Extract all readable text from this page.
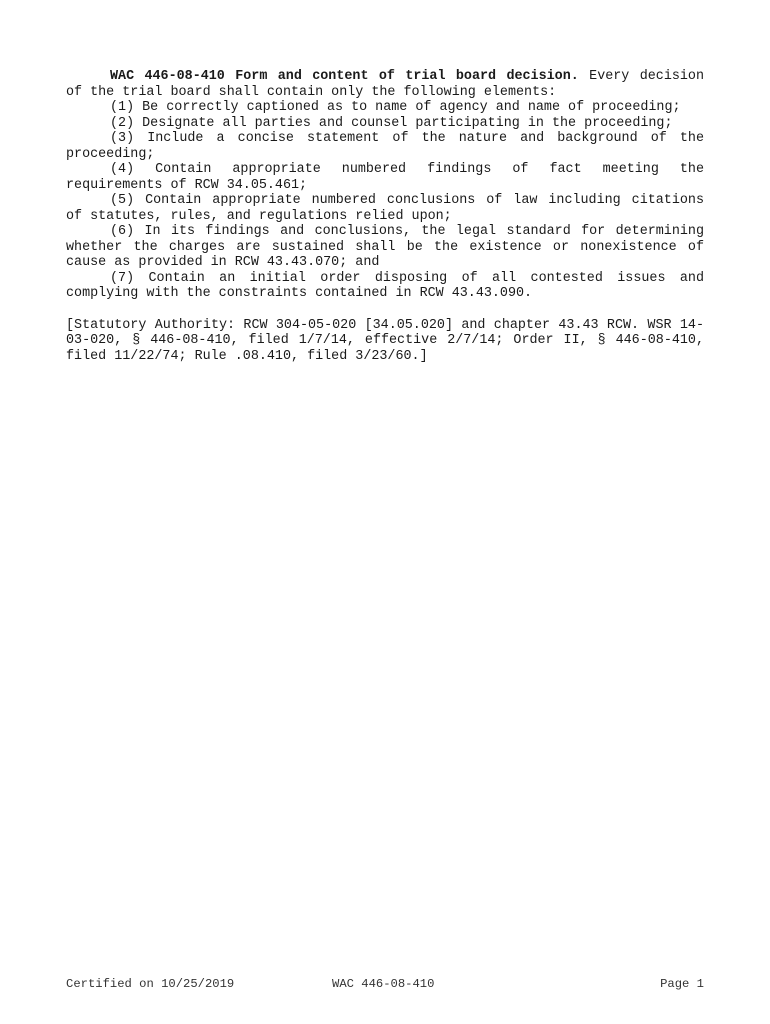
WAC 446-08-410 Form and content of trial board decision. Every decision of the trial board shall contain only the following elements:

(1) Be correctly captioned as to name of agency and name of proceeding;

(2) Designate all parties and counsel participating in the proceeding;

(3) Include a concise statement of the nature and background of the proceeding;

(4) Contain appropriate numbered findings of fact meeting the requirements of RCW 34.05.461;

(5) Contain appropriate numbered conclusions of law including citations of statutes, rules, and regulations relied upon;

(6) In its findings and conclusions, the legal standard for determining whether the charges are sustained shall be the existence or nonexistence of cause as provided in RCW 43.43.070; and

(7) Contain an initial order disposing of all contested issues and complying with the constraints contained in RCW 43.43.090.

[Statutory Authority: RCW 304-05-020 [34.05.020] and chapter 43.43 RCW. WSR 14-03-020, § 446-08-410, filed 1/7/14, effective 2/7/14; Order II, § 446-08-410, filed 11/22/74; Rule .08.410, filed 3/23/60.]

Certified on 10/25/2019	WAC 446-08-410	Page 1
